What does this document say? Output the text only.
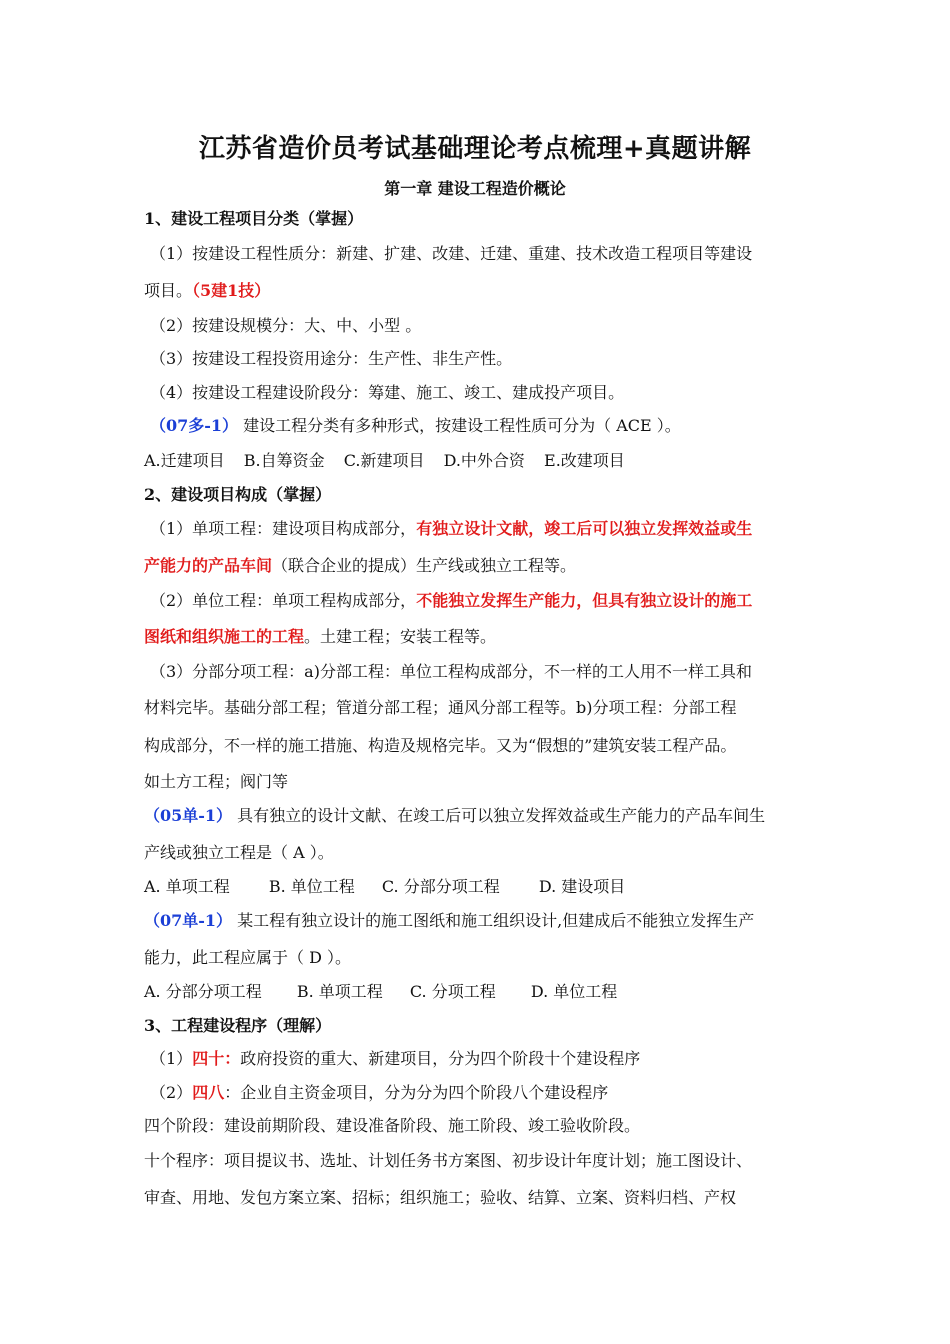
江苏省造价员考试基础理论考点梳理+真题讲解
第一章 建设工程造价概论
1、建设工程项目分类（掌握）
（1）按建设工程性质分：新建、扩建、改建、迁建、重建、技术改造工程项目等建设
项目。（5建1技）
（2）按建设规模分：大、中、小型 。
（3）按建设工程投资用途分：生产性、非生产性。
（4）按建设工程建设阶段分：筹建、施工、竣工、建成投产项目。
（07多-1） 建设工程分类有多种形式，按建设工程性质可分为（ ACE ）。
A.迁建项目 B.自筹资金 C.新建项目 D.中外合资 E.改建项目
2、建设项目构成（掌握）
（1）单项工程：建设项目构成部分，有独立设计文献，竣工后可以独立发挥效益或生
产能力的产品车间（联合企业的提成）生产线或独立工程等。
（2）单位工程：单项工程构成部分，不能独立发挥生产能力，但具有独立设计的施工
图纸和组织施工的工程。土建工程；安装工程等。
（3）分部分项工程：a)分部工程：单位工程构成部分，不一样的工人用不一样工具和
材料完毕。基础分部工程；管道分部工程；通风分部工程等。b)分项工程：分部工程
构成部分，不一样的施工措施、构造及规格完毕。又为“假想的”建筑安装工程产品。
如土方工程；阀门等
（05单-1） 具有独立的设计文献、在竣工后可以独立发挥效益或生产能力的产品车间生
产线或独立工程是（ A ）。
A. 单项工程 B. 单位工程 C. 分部分项工程 D. 建设项目
（07单-1） 某工程有独立设计的施工图纸和施工组织设计,但建成后不能独立发挥生产
能力，此工程应属于（ D ）。
A. 分部分项工程 B. 单项工程 C. 分项工程 D. 单位工程
3、工程建设程序（理解）
（1）四十：政府投资的重大、新建项目，分为四个阶段十个建设程序
（2）四八：企业自主资金项目，分为分为四个阶段八个建设程序
四个阶段：建设前期阶段、建设准备阶段、施工阶段、竣工验收阶段。
十个程序：项目提议书、选址、计划任务书方案图、初步设计年度计划；施工图设计、
审查、用地、发包方案立案、招标；组织施工；验收、结算、立案、资料归档、产权
